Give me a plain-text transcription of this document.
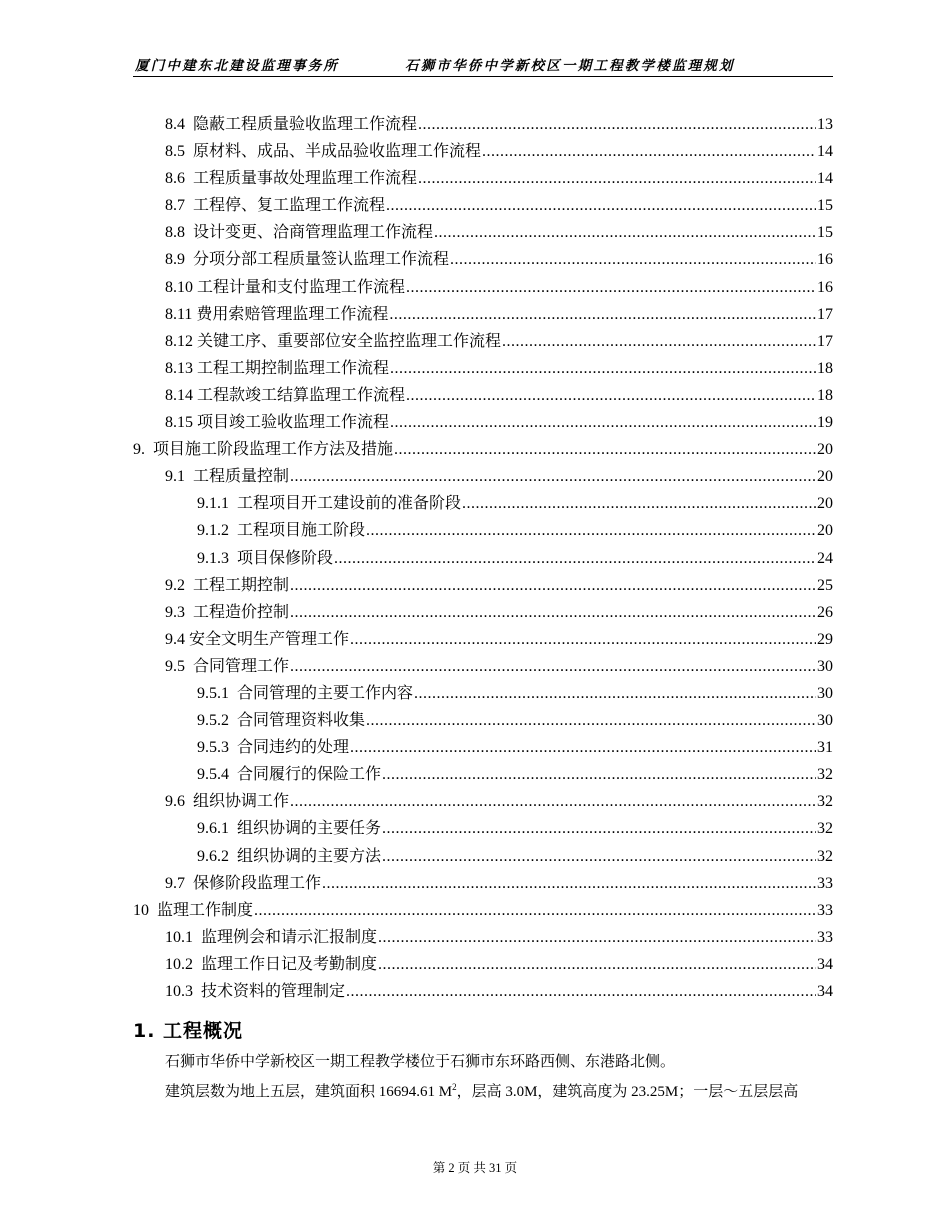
厦门中建东北建设监理事务所	石狮市华侨中学新校区一期工程教学楼监理规划
8.4  隐蔽工程质量验收监理工作流程 .....	13
8.5  原材料、成品、半成品验收监理工作流程 .....	14
8.6  工程质量事故处理监理工作流程 .....	14
8.7  工程停、复工监理工作流程 .....	15
8.8  设计变更、洽商管理监理工作流程 .....	15
8.9  分项分部工程质量签认监理工作流程 .....	16
8.10 工程计量和支付监理工作流程 .....	16
8.11 费用索赔管理监理工作流程 .....	17
8.12 关键工序、重要部位安全监控监理工作流程 .....	17
8.13 工程工期控制监理工作流程 .....	18
8.14 工程款竣工结算监理工作流程 .....	18
8.15 项目竣工验收监理工作流程 .....	19
9.  项目施工阶段监理工作方法及措施 .....	20
9.1  工程质量控制 .....	20
9.1.1  工程项目开工建设前的准备阶段 .....	20
9.1.2  工程项目施工阶段 .....	20
9.1.3  项目保修阶段 .....	24
9.2  工程工期控制 .....	25
9.3  工程造价控制 .....	26
9.4 安全文明生产管理工作 .....	29
9.5  合同管理工作 .....	30
9.5.1  合同管理的主要工作内容 .....	30
9.5.2  合同管理资料收集 .....	30
9.5.3  合同违约的处理 .....	31
9.5.4  合同履行的保险工作 .....	32
9.6  组织协调工作 .....	32
9.6.1  组织协调的主要任务 .....	32
9.6.2  组织协调的主要方法 .....	32
9.7  保修阶段监理工作 .....	33
10  监理工作制度 .....	33
10.1  监理例会和请示汇报制度 .....	33
10.2  监理工作日记及考勤制度 .....	34
10.3  技术资料的管理制定 .....	34
1. 工程概况
石狮市华侨中学新校区一期工程教学楼位于石狮市东环路西侧、东港路北侧。
建筑层数为地上五层，建筑面积 16694.61 $M^2$，层高 3.0M，建筑高度为 23.25M；一层～五层层高
第 2 页 共 31 页
